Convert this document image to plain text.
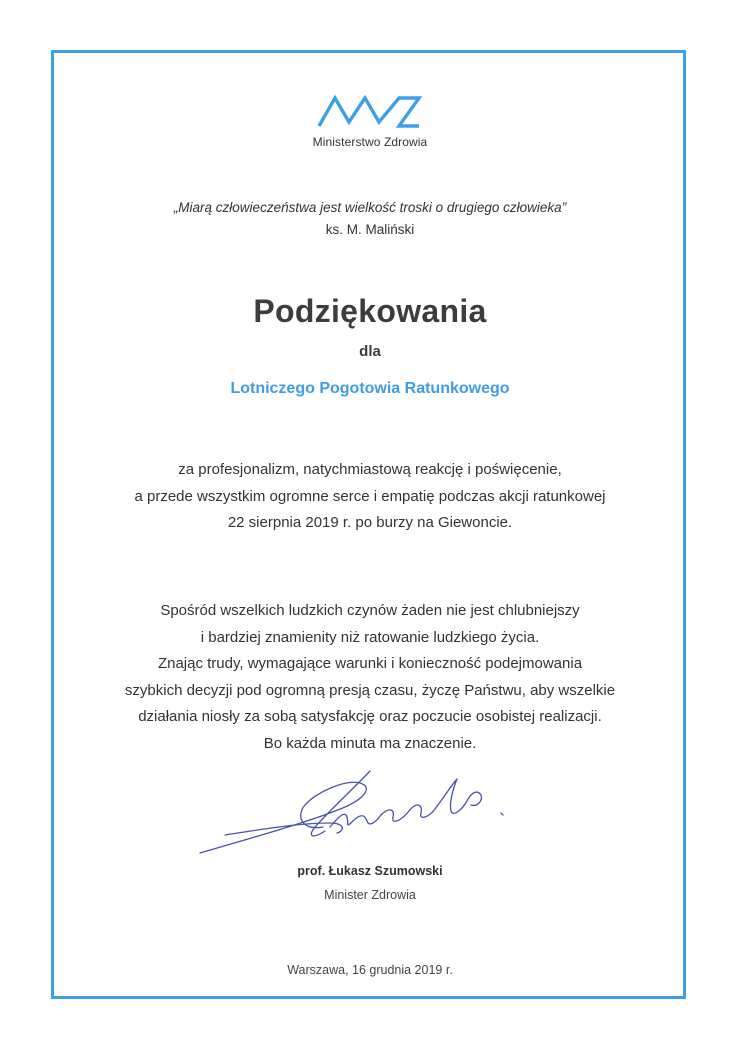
Ministerstwo Zdrowia
„Miarą człowieczeństwa jest wielkość troski o drugiego człowieka”
ks. M. Maliński
Podziękowania
dla
Lotniczego Pogotowia Ratunkowego
za profesjonalizm, natychmiastową reakcję i poświęcenie,
a przede wszystkim ogromne serce i empatię podczas akcji ratunkowej
22 sierpnia 2019 r. po burzy na Giewoncie.
Spośród wszelkich ludzkich czynów żaden nie jest chlubniejszy
i bardziej znamienity niż ratowanie ludzkiego życia.
Znając trudy, wymagające warunki i konieczność podejmowania
szybkich decyzji pod ogromną presją czasu, życzę Państwu, aby wszelkie
działania niosły za sobą satysfakcję oraz poczucie osobistej realizacji.
Bo każda minuta ma znaczenie.
prof. Łukasz Szumowski
Minister Zdrowia
Warszawa, 16 grudnia 2019 r.
